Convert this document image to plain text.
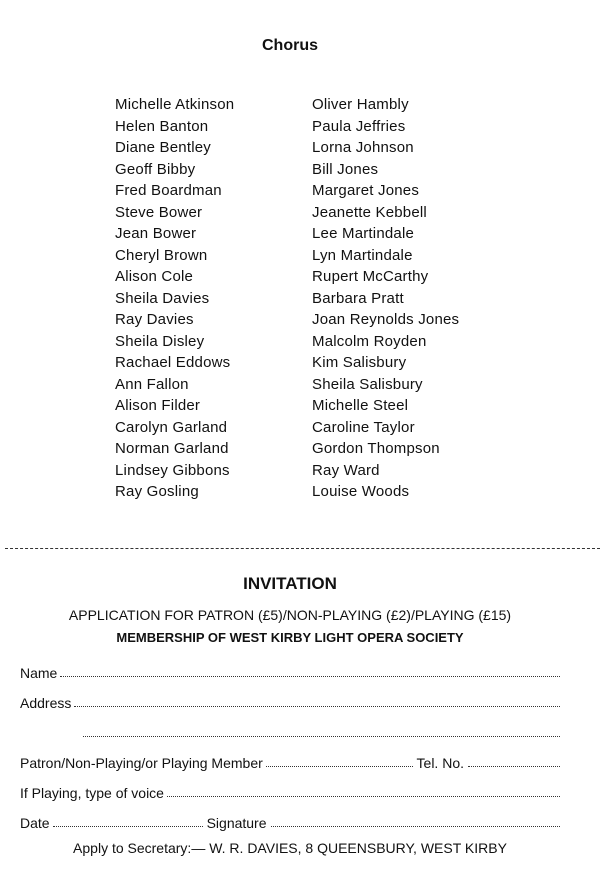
Chorus
Michelle Atkinson
Helen Banton
Diane Bentley
Geoff Bibby
Fred Boardman
Steve Bower
Jean Bower
Cheryl Brown
Alison Cole
Sheila Davies
Ray Davies
Sheila Disley
Rachael Eddows
Ann Fallon
Alison Filder
Carolyn Garland
Norman Garland
Lindsey Gibbons
Ray Gosling
Oliver Hambly
Paula Jeffries
Lorna Johnson
Bill Jones
Margaret Jones
Jeanette Kebbell
Lee Martindale
Lyn Martindale
Rupert McCarthy
Barbara Pratt
Joan Reynolds Jones
Malcolm Royden
Kim Salisbury
Sheila Salisbury
Michelle Steel
Caroline Taylor
Gordon Thompson
Ray Ward
Louise Woods
INVITATION
APPLICATION FOR PATRON (£5)/NON-PLAYING (£2)/PLAYING (£15)
MEMBERSHIP OF WEST KIRBY LIGHT OPERA SOCIETY
Name
Address
Patron/Non-Playing/or Playing Member	Tel. No.
If Playing, type of voice
Date	Signature
Apply to Secretary:— W. R. DAVIES, 8 QUEENSBURY, WEST KIRBY
